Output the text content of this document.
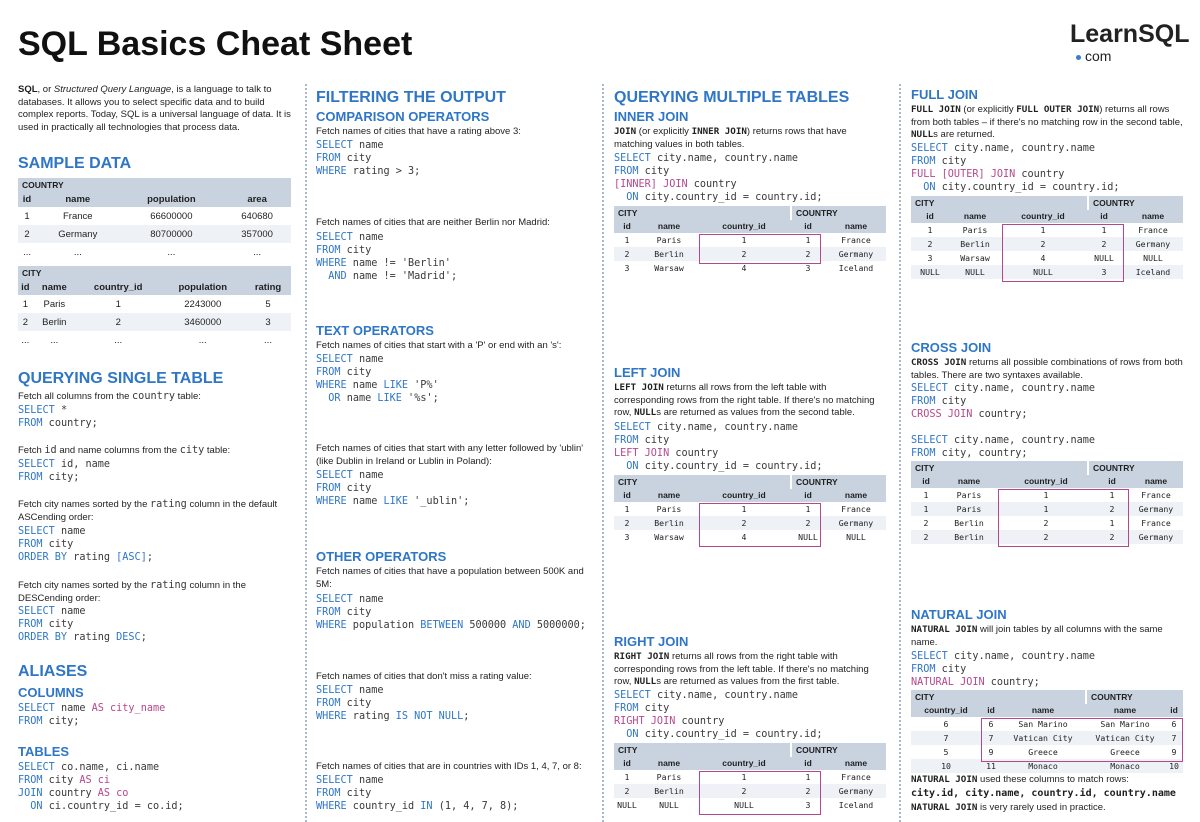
SQL Basics Cheat Sheet	LearnSQL
com

SQL, or Structured Query Language, is a language to talk to databases. It allows you to select specific data and to build complex reports. Today, SQL is a universal language of data. It is used in practically all technologies that process data.

SAMPLE DATA
COUNTRY
id	name	population	area
1	France	66600000	640680
2	Germany	80700000	357000
...	...	...	...
CITY
id	name	country_id	population	rating
1	Paris	1	2243000	5
2	Berlin	2	3460000	3
...	...	...	...	...
QUERYING SINGLE TABLE

Fetch all columns from the country table:

SELECT *
FROM country;

Fetch id and name columns from the city table:

SELECT id, name
FROM city;

Fetch city names sorted by the rating column in the default ASCending order:

SELECT name
FROM city
ORDER BY rating [ASC];

Fetch city names sorted by the rating column in the DESCending order:

SELECT name
FROM city
ORDER BY rating DESC;
ALIASES
COLUMNS
SELECT name AS city_name
FROM city;
TABLES
SELECT co.name, ci.name
FROM city AS ci
JOIN country AS co
ON ci.country_id = co.id;
FILTERING THE OUTPUT
COMPARISON OPERATORS

Fetch names of cities that have a rating above 3:

SELECT name
FROM city
WHERE rating > 3;

Fetch names of cities that are neither Berlin nor Madrid:

SELECT name
FROM city
WHERE name != 'Berlin'
AND name != 'Madrid';
TEXT OPERATORS

Fetch names of cities that start with a 'P' or end with an 's':

SELECT name
FROM city
WHERE name LIKE 'P%'
OR name LIKE '%s';

Fetch names of cities that start with any letter followed by 'ublin' (like Dublin in Ireland or Lublin in Poland):

SELECT name
FROM city
WHERE name LIKE '_ublin';
OTHER OPERATORS

Fetch names of cities that have a population between 500K and 5M:

SELECT name
FROM city
WHERE population BETWEEN 500000 AND 5000000;

Fetch names of cities that don't miss a rating value:

SELECT name
FROM city
WHERE rating IS NOT NULL;

Fetch names of cities that are in countries with IDs 1, 4, 7, or 8:

SELECT name
FROM city
WHERE country_id IN (1, 4, 7, 8);
QUERYING MULTIPLE TABLES
INNER JOIN

JOIN (or explicitly INNER JOIN) returns rows that have matching values in both tables.

SELECT city.name, country.name
FROM city
[INNER] JOIN country
ON city.country_id = country.id;
CITY	COUNTRY
id	name	country_id	id	name
1	Paris	1	1	France
2	Berlin	2	2	Germany
3	Warsaw	4	3	Iceland
LEFT JOIN

LEFT JOIN returns all rows from the left table with corresponding rows from the right table. If there's no matching row, NULLs are returned as values from the second table.

SELECT city.name, country.name
FROM city
LEFT JOIN country
ON city.country_id = country.id;
CITY	COUNTRY
id	name	country_id	id	name
1	Paris	1	1	France
2	Berlin	2	2	Germany
3	Warsaw	4	NULL	NULL
RIGHT JOIN

RIGHT JOIN returns all rows from the right table with corresponding rows from the left table. If there's no matching row, NULLs are returned as values from the first table.

SELECT city.name, country.name
FROM city
RIGHT JOIN country
ON city.country_id = country.id;
CITY	COUNTRY
id	name	country_id	id	name
1	Paris	1	1	France
2	Berlin	2	2	Germany
NULL	NULL	NULL	3	Iceland
FULL JOIN

FULL JOIN (or explicitly FULL OUTER JOIN) returns all rows from both tables – if there's no matching row in the second table, NULLs are returned.

SELECT city.name, country.name
FROM city
FULL [OUTER] JOIN country
ON city.country_id = country.id;
CITY	COUNTRY
id	name	country_id	id	name
1	Paris	1	1	France
2	Berlin	2	2	Germany
3	Warsaw	4	NULL	NULL
NULL	NULL	NULL	3	Iceland
CROSS JOIN

CROSS JOIN returns all possible combinations of rows from both tables. There are two syntaxes available.

SELECT city.name, country.name
FROM city
CROSS JOIN country;
SELECT city.name, country.name
FROM city, country;
CITY	COUNTRY
id	name	country_id	id	name
1	Paris	1	1	France
1	Paris	1	2	Germany
2	Berlin	2	1	France
2	Berlin	2	2	Germany
NATURAL JOIN

NATURAL JOIN will join tables by all columns with the same name.

SELECT city.name, country.name
FROM city
NATURAL JOIN country;
CITY	COUNTRY
country_id	id	name	name	id
6	6	San Marino	San Marino	6
7	7	Vatican City	Vatican City	7
5	9	Greece	Greece	9
10	11	Monaco	Monaco	10

NATURAL JOIN used these columns to match rows:

city.id, city.name, country.id, country.name

NATURAL JOIN is very rarely used in practice.
